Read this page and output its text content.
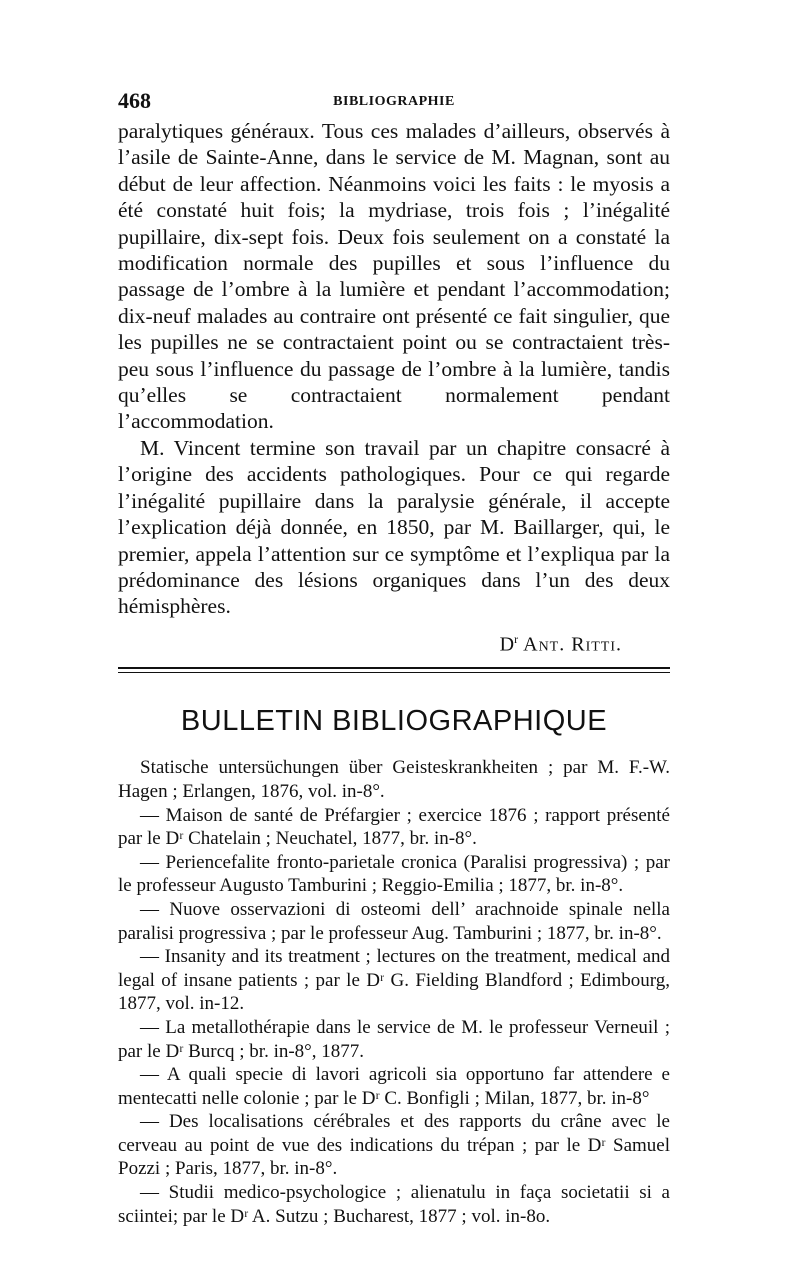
468	BIBLIOGRAPHIE

paralytiques généraux. Tous ces malades d’ailleurs, observés à l’asile de Sainte-Anne, dans le service de M. Magnan, sont au début de leur affection. Néanmoins voici les faits : le myosis a été constaté huit fois; la mydriase, trois fois ; l’inégalité pupillaire, dix-sept fois. Deux fois seulement on a constaté la modification normale des pupilles et sous l’influence du passage de l’ombre à la lumière et pendant l’accommodation; dix-neuf malades au contraire ont présenté ce fait singulier, que les pupilles ne se contractaient point ou se contractaient très-peu sous l’influence du passage de l’ombre à la lumière, tandis qu’elles se contractaient normalement pendant l’accommodation.

M. Vincent termine son travail par un chapitre consacré à l’origine des accidents pathologiques. Pour ce qui regarde l’inégalité pupillaire dans la paralysie générale, il accepte l’explication déjà donnée, en 1850, par M. Baillarger, qui, le premier, appela l’attention sur ce symptôme et l’expliqua par la prédominance des lésions organiques dans l’un des deux hémisphères.

$D^r$ Ant. Ritti.
BULLETIN BIBLIOGRAPHIQUE
Statische untersüchungen über Geisteskrankheiten ; par M. F.-W. Hagen ; Erlangen, 1876, vol. in-8°.
— Maison de santé de Préfargier ; exercice 1876 ; rapport présenté par le Dʳ Chatelain ; Neuchatel, 1877, br. in-8°.
— Periencefalite fronto-parietale cronica (Paralisi progressiva) ; par le professeur Augusto Tamburini ; Reggio-Emilia ; 1877, br. in-8°.
— Nuove osservazioni di osteomi dell’ arachnoide spinale nella paralisi progressiva ; par le professeur Aug. Tamburini ; 1877, br. in-8°.
— Insanity and its treatment ; lectures on the treatment, medical and legal of insane patients ; par le Dʳ G. Fielding Blandford ; Edimbourg, 1877, vol. in-12.
— La metallothérapie dans le service de M. le professeur Verneuil ; par le Dʳ Burcq ; br. in-8°, 1877.
— A quali specie di lavori agricoli sia opportuno far attendere e mentecatti nelle colonie ; par le Dʳ C. Bonfigli ; Milan, 1877, br. in-8°
— Des localisations cérébrales et des rapports du crâne avec le cerveau au point de vue des indications du trépan ; par le Dʳ Samuel Pozzi ; Paris, 1877, br. in-8°.
— Studii medico-psychologice ; alienatulu in faça societatii si a sciintei; par le Dʳ A. Sutzu ; Bucharest, 1877 ; vol. in-8o.
